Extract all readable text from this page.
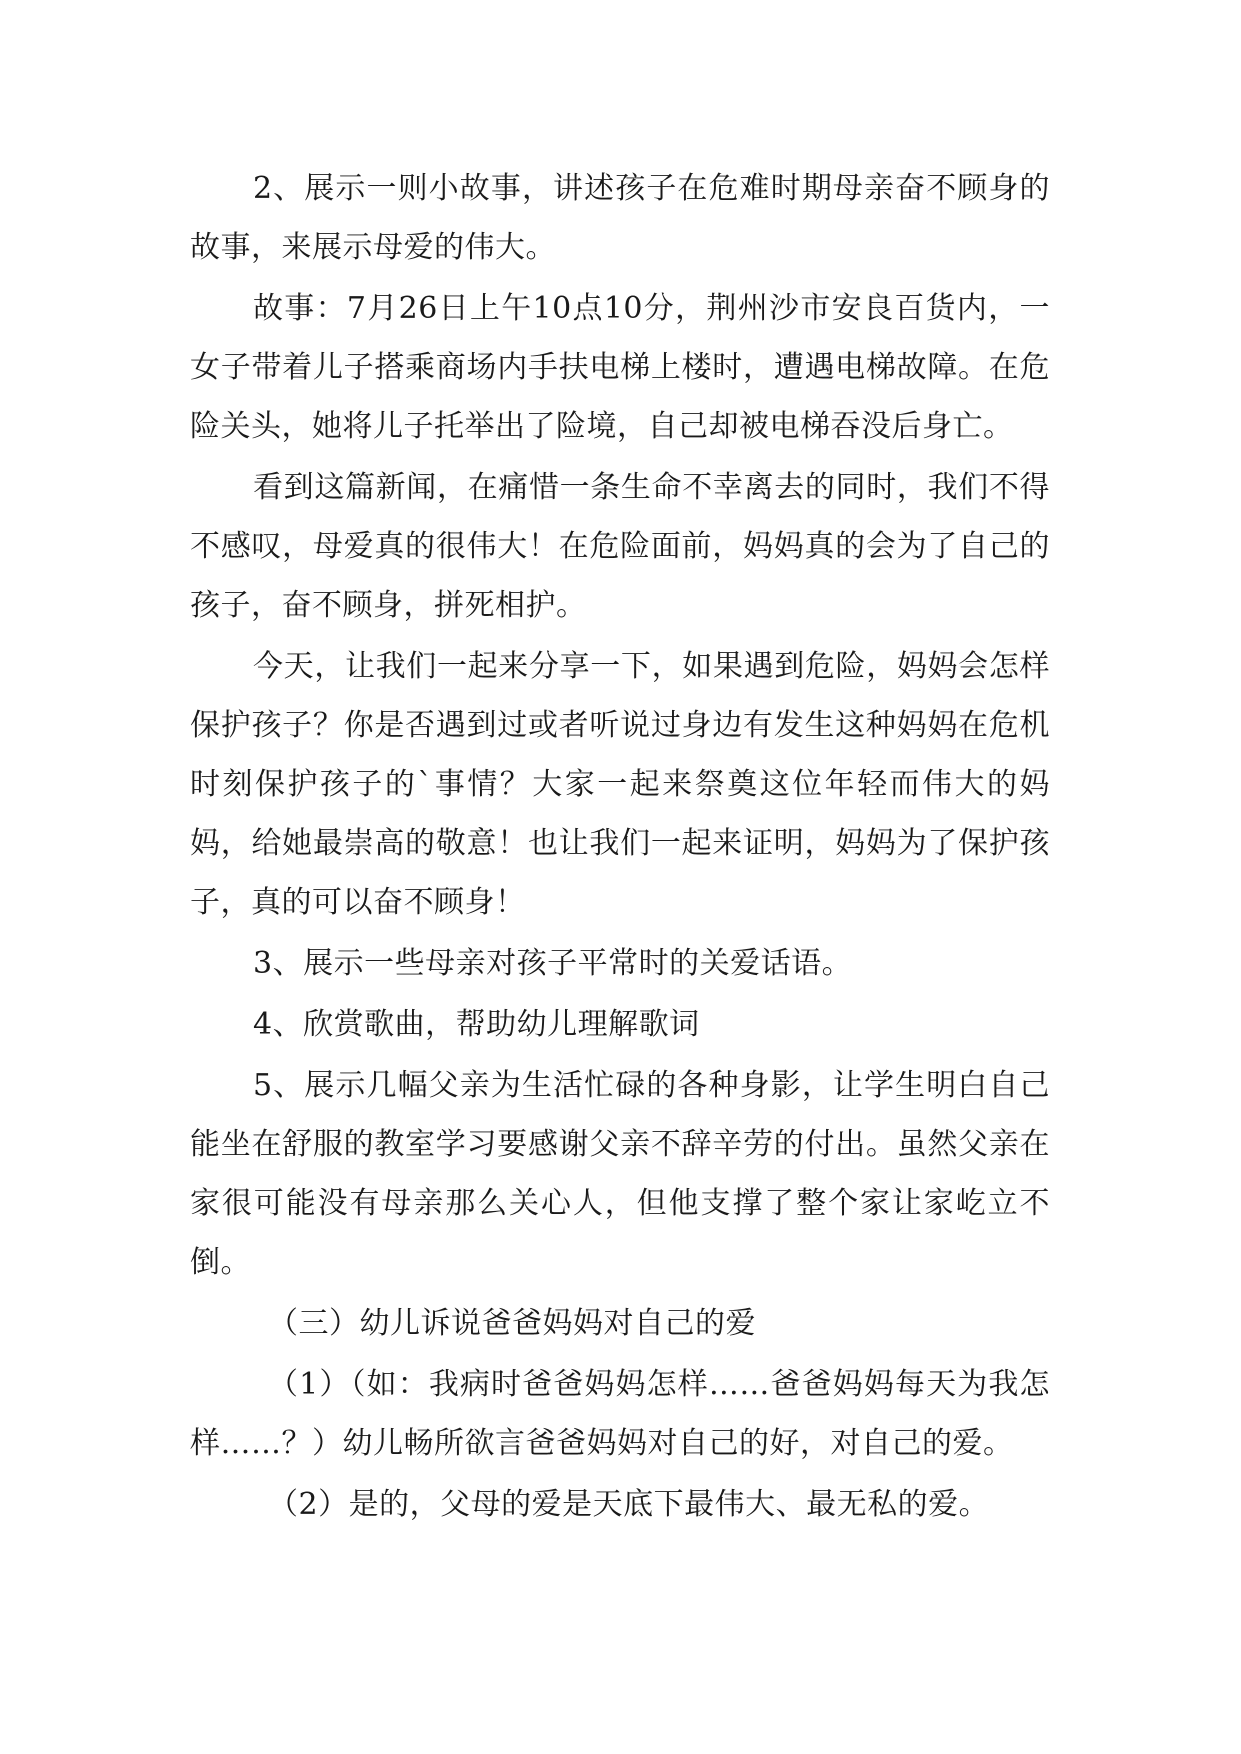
2、展示一则小故事，讲述孩子在危难时期母亲奋不顾身的故事，来展示母爱的伟大。

故事：7月26日上午10点10分，荆州沙市安良百货内，一女子带着儿子搭乘商场内手扶电梯上楼时，遭遇电梯故障。在危险关头，她将儿子托举出了险境，自己却被电梯吞没后身亡。

看到这篇新闻，在痛惜一条生命不幸离去的同时，我们不得不感叹，母爱真的很伟大！在危险面前，妈妈真的会为了自己的孩子，奋不顾身，拼死相护。

今天，让我们一起来分享一下，如果遇到危险，妈妈会怎样保护孩子？你是否遇到过或者听说过身边有发生这种妈妈在危机时刻保护孩子的`事情？大家一起来祭奠这位年轻而伟大的妈妈，给她最崇高的敬意！也让我们一起来证明，妈妈为了保护孩子，真的可以奋不顾身！

3、展示一些母亲对孩子平常时的关爱话语。

4、欣赏歌曲，帮助幼儿理解歌词

5、展示几幅父亲为生活忙碌的各种身影，让学生明白自己能坐在舒服的教室学习要感谢父亲不辞辛劳的付出。虽然父亲在家很可能没有母亲那么关心人，但他支撑了整个家让家屹立不倒。

（三）幼儿诉说爸爸妈妈对自己的爱

（1）（如：我病时爸爸妈妈怎样……爸爸妈妈每天为我怎样……？）幼儿畅所欲言爸爸妈妈对自己的好，对自己的爱。

（2）是的，父母的爱是天底下最伟大、最无私的爱。
